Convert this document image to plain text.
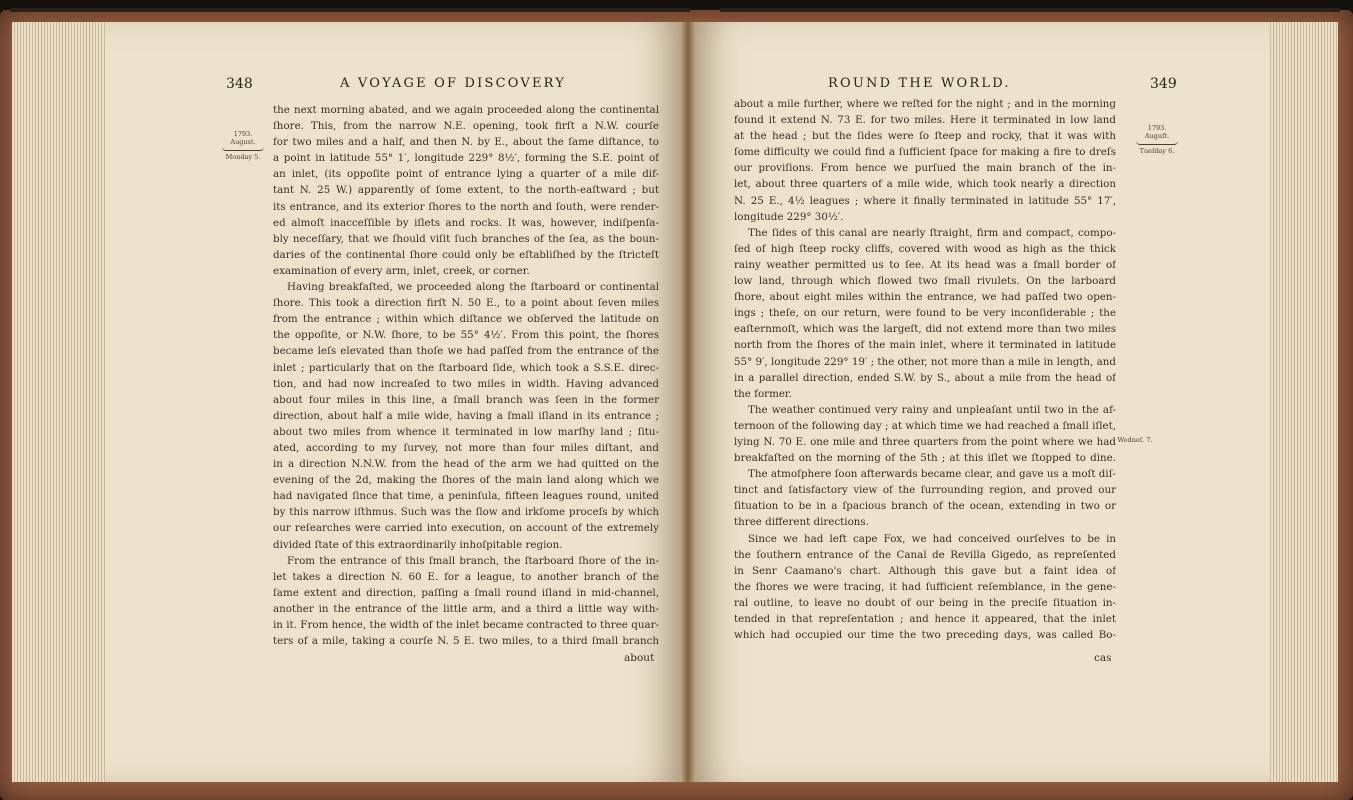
348	A VOYAGE OF DISCOVERY
1793.
August.
Monday 5.

the next morning abated, and we again proceeded along the continental

ſhore. This, from the narrow N.E. opening, took firſt a N.W. courſe

for two miles and a half, and then N. by E., about the ſame diſtance, to

a point in latitude 55° 1′, longitude 229° 8½′, forming the S.E. point of

an inlet, (its oppoſite point of entrance lying a quarter of a mile dif-

tant N. 25 W.) apparently of ſome extent, to the north-eaſtward ; but

its entrance, and its exterior ſhores to the north and ſouth, were render-

ed almoſt inacceſſible by iſlets and rocks. It was, however, indiſpenſa-

bly neceſſary, that we ſhould viſit ſuch branches of the ſea, as the boun-

daries of the continental ſhore could only be eſtabliſhed by the ſtricteſt

examination of every arm, inlet, creek, or corner.

Having breakfaſted, we proceeded along the ſtarboard or continental

ſhore. This took a direction firſt N. 50 E., to a point about ſeven miles

from the entrance ; within which diſtance we obſerved the latitude on

the oppoſite, or N.W. ſhore, to be 55° 4½′. From this point, the ſhores

became leſs elevated than thoſe we had paſſed from the entrance of the

inlet ; particularly that on the ſtarboard ſide, which took a S.S.E. direc-

tion, and had now increaſed to two miles in width. Having advanced

about four miles in this line, a ſmall branch was ſeen in the former

direction, about half a mile wide, having a ſmall iſland in its entrance ;

about two miles from whence it terminated in low marſhy land ; ſitu-

ated, according to my ſurvey, not more than four miles diſtant, and

in a direction N.N.W. from the head of the arm we had quitted on the

evening of the 2d, making the ſhores of the main land along which we

had navigated ſince that time, a peninſula, fifteen leagues round, united

by this narrow iſthmus. Such was the ſlow and irkſome proceſs by which

our reſearches were carried into execution, on account of the extremely

divided ſtate of this extraordinarily inhoſpitable region.

From the entrance of this ſmall branch, the ſtarboard ſhore of the in-

let takes a direction N. 60 E. for a league, to another branch of the

ſame extent and direction, paſſing a ſmall round iſland in mid-channel,

another in the entrance of the little arm, and a third a little way with-

in it. From hence, the width of the inlet became contracted to three quar-

ters of a mile, taking a courſe N. 5 E. two miles, to a third ſmall branch

about
ROUND THE WORLD.	349
1793.
Auguſt.
Tueſday 6.
Wedneſ. 7.

about a mile further, where we reſted for the night ; and in the morning

found it extend N. 73 E. for two miles. Here it terminated in low land

at the head ; but the ſides were ſo ſteep and rocky, that it was with

ſome difficulty we could find a ſufficient ſpace for making a fire to dreſs

our proviſions. From hence we purſued the main branch of the in-

let, about three quarters of a mile wide, which took nearly a direction

N. 25 E., 4½ leagues ; where it finally terminated in latitude 55° 17′,

longitude 229° 30½′.

The ſides of this canal are nearly ſtraight, firm and compact, compo-

ſed of high ſteep rocky cliffs, covered with wood as high as the thick

rainy weather permitted us to ſee. At its head was a ſmall border of

low land, through which flowed two ſmall rivulets. On the larboard

ſhore, about eight miles within the entrance, we had paſſed two open-

ings ; theſe, on our return, were found to be very inconſiderable ; the

eaſternmoſt, which was the largeſt, did not extend more than two miles

north from the ſhores of the main inlet, where it terminated in latitude

55° 9′, longitude 229° 19′ ; the other, not more than a mile in length, and

in a parallel direction, ended S.W. by S., about a mile from the head of

the former.

The weather continued very rainy and unpleaſant until two in the af-

ternoon of the following day ; at which time we had reached a ſmall iſlet,

lying N. 70 E. one mile and three quarters from the point where we had

breakfaſted on the morning of the 5th ; at this iſlet we ſtopped to dine.

The atmoſphere ſoon afterwards became clear, and gave us a moſt diſ-

tinct and ſatisfactory view of the ſurrounding region, and proved our

ſituation to be in a ſpacious branch of the ocean, extending in two or

three different directions.

Since we had left cape Fox, we had conceived ourſelves to be in

the ſouthern entrance of the Canal de Revilla Gigedo, as repreſented

in Senr Caamano's chart. Although this gave but a faint idea of

the ſhores we were tracing, it had ſufficient reſemblance, in the gene-

ral outline, to leave no doubt of our being in the preciſe ſituation in-

tended in that repreſentation ; and hence it appeared, that the inlet

which had occupied our time the two preceding days, was called Bo-

cas
